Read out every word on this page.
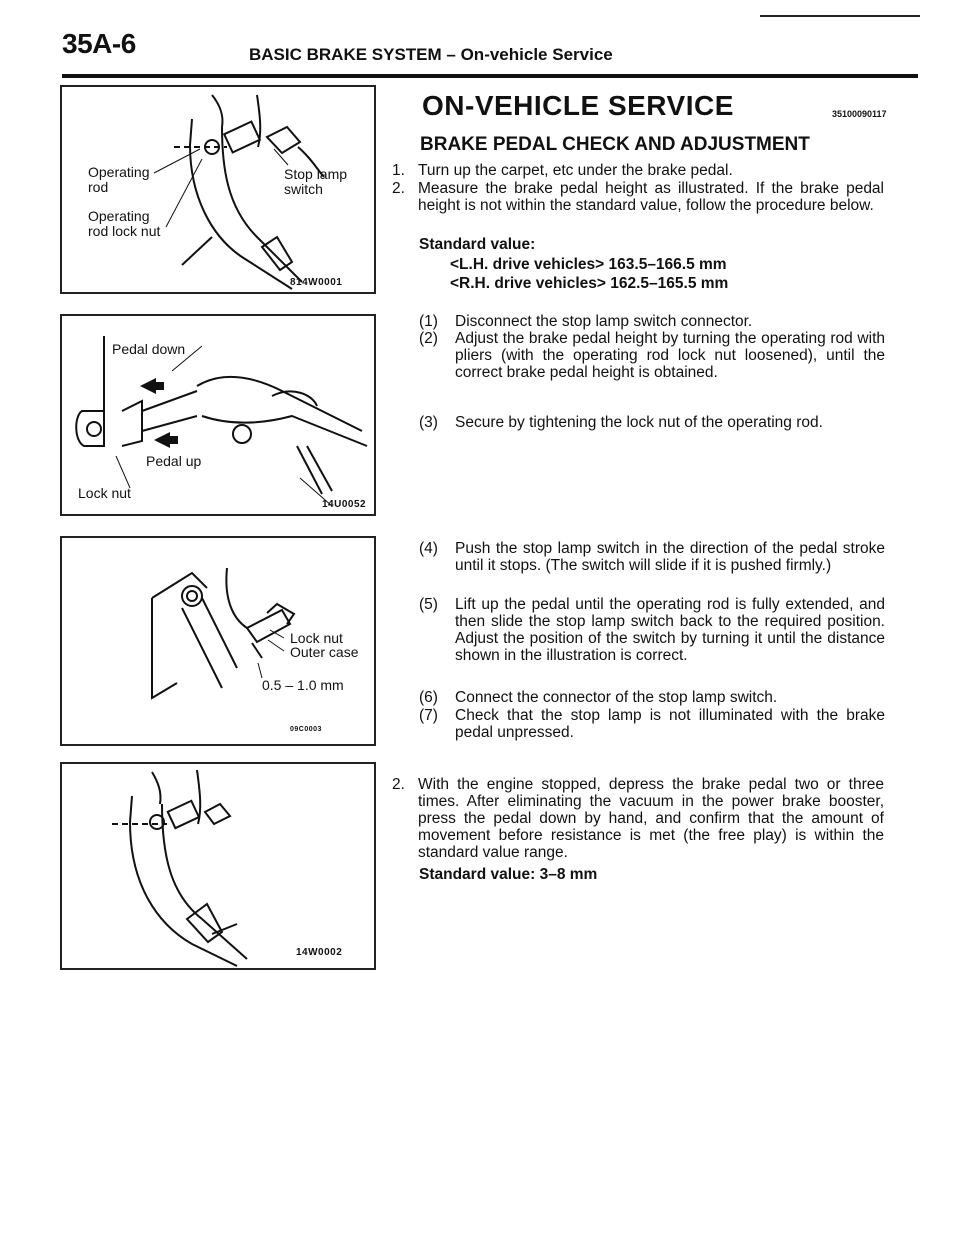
35A-6	BASIC BRAKE SYSTEM – On-vehicle Service
Operating
rod
Operating
rod lock nut
Stop lamp
switch
814W0001
Pedal down
Pedal up
Lock nut
14U0052
Lock nut
Outer case
0.5 – 1.0 mm
09C0003
14W0002
ON-VEHICLE SERVICE	35100090117
BRAKE PEDAL CHECK AND ADJUSTMENT
1. Turn up the carpet, etc under the brake pedal.
2. Measure the brake pedal height as illustrated. If the brake pedal height is not within the standard value, follow the procedure below.
Standard value:
<L.H. drive vehicles> 163.5–166.5 mm
<R.H. drive vehicles> 162.5–165.5 mm
(1) Disconnect the stop lamp switch connector.
(2) Adjust the brake pedal height by turning the operating rod with pliers (with the operating rod lock nut loosened), until the correct brake pedal height is obtained.
(3) Secure by tightening the lock nut of the operating rod.
(4) Push the stop lamp switch in the direction of the pedal stroke until it stops. (The switch will slide if it is pushed firmly.)
(5) Lift up the pedal until the operating rod is fully extended, and then slide the stop lamp switch back to the required position. Adjust the position of the switch by turning it until the distance shown in the illustration is correct.
(6) Connect the connector of the stop lamp switch.
(7) Check that the stop lamp is not illuminated with the brake pedal unpressed.
2. With the engine stopped, depress the brake pedal two or three times. After eliminating the vacuum in the power brake booster, press the pedal down by hand, and confirm that the amount of movement before resistance is met (the free play) is within the standard value range.
Standard value: 3–8 mm
